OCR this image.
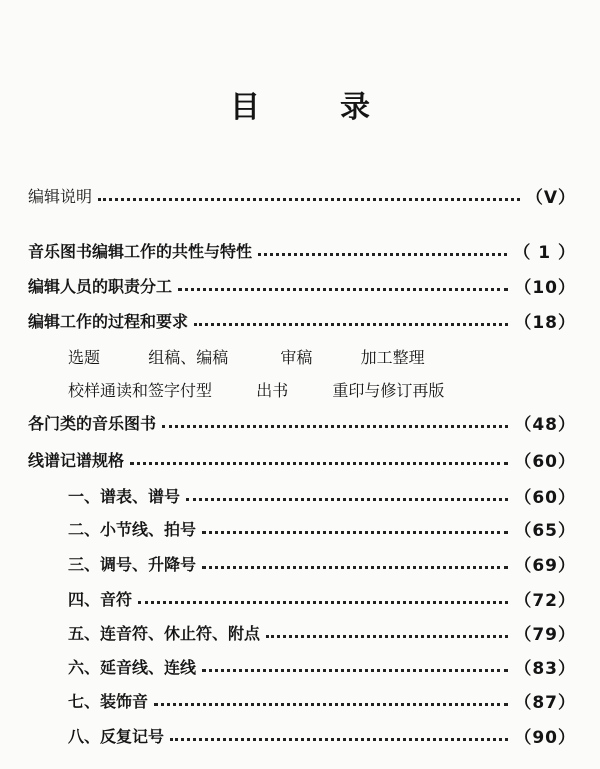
目	录
编辑说明	（V）
音乐图书编辑工作的共性与特性	（ 1 ）
编辑人员的职责分工	（10）
编辑工作的过程和要求	（18）
选题	组稿、编稿	审稿	加工整理
校样通读和签字付型	出书	重印与修订再版
各门类的音乐图书	（48）
线谱记谱规格	（60）
一、谱表、谱号	（60）
二、小节线、拍号	（65）
三、调号、升降号	（69）
四、音符	（72）
五、连音符、休止符、附点	（79）
六、延音线、连线	（83）
七、装饰音	（87）
八、反复记号	（90）
